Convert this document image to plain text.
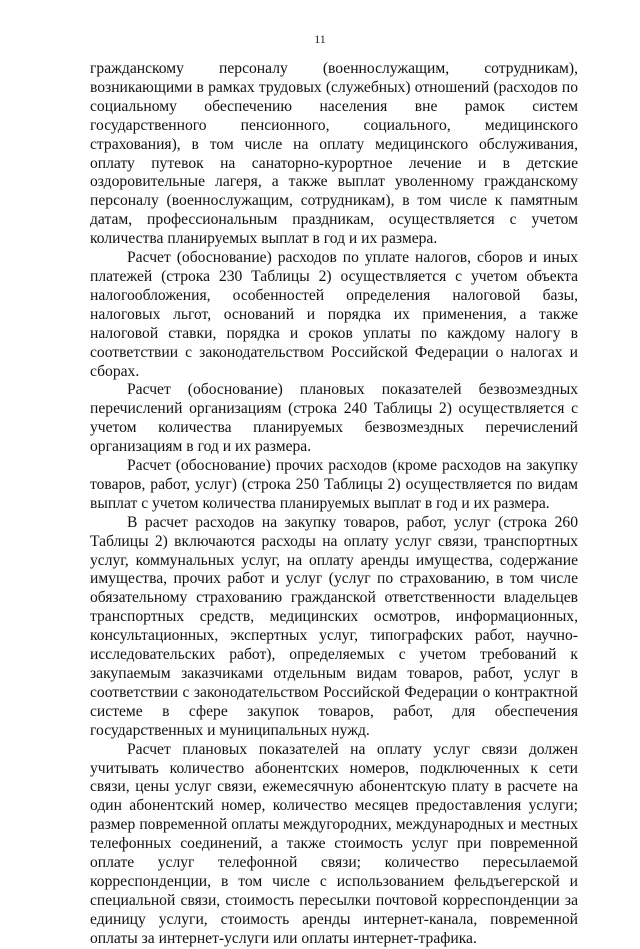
11

гражданскому персоналу (военнослужащим, сотрудникам), возникающими в рамках трудовых (служебных) отношений (расходов по социальному обеспечению населения вне рамок систем государственного пенсионного, социального, медицинского страхования), в том числе на оплату медицинского обслуживания, оплату путевок на санаторно-курортное лечение и в детские оздоровительные лагеря, а также выплат уволенному гражданскому персоналу (военнослужащим, сотрудникам), в том числе к памятным датам, профессиональным праздникам, осуществляется с учетом количества планируемых выплат в год и их размера.

Расчет (обоснование) расходов по уплате налогов, сборов и иных платежей (строка 230 Таблицы 2) осуществляется с учетом объекта налогообложения, особенностей определения налоговой базы, налоговых льгот, оснований и порядка их применения, а также налоговой ставки, порядка и сроков уплаты по каждому налогу в соответствии с законодательством Российской Федерации о налогах и сборах.

Расчет (обоснование) плановых показателей безвозмездных перечислений организациям (строка 240 Таблицы 2) осуществляется с учетом количества планируемых безвозмездных перечислений организациям в год и их размера.

Расчет (обоснование) прочих расходов (кроме расходов на закупку товаров, работ, услуг) (строка 250 Таблицы 2) осуществляется по видам выплат с учетом количества планируемых выплат в год и их размера.

В расчет расходов на закупку товаров, работ, услуг (строка 260 Таблицы 2) включаются расходы на оплату услуг связи, транспортных услуг, коммунальных услуг, на оплату аренды имущества, содержание имущества, прочих работ и услуг (услуг по страхованию, в том числе обязательному страхованию гражданской ответственности владельцев транспортных средств, медицинских осмотров, информационных, консультационных, экспертных услуг, типографских работ, научно-исследовательских работ), определяемых с учетом требований к закупаемым заказчиками отдельным видам товаров, работ, услуг в соответствии с законодательством Российской Федерации о контрактной системе в сфере закупок товаров, работ, для обеспечения государственных и муниципальных нужд.

Расчет плановых показателей на оплату услуг связи должен учитывать количество абонентских номеров, подключенных к сети связи, цены услуг связи, ежемесячную абонентскую плату в расчете на один абонентский номер, количество месяцев предоставления услуги; размер повременной оплаты междугородних, международных и местных телефонных соединений, а также стоимость услуг при повременной оплате услуг телефонной связи; количество пересылаемой корреспонденции, в том числе с использованием фельдъегерской и специальной связи, стоимость пересылки почтовой корреспонденции за единицу услуги, стоимость аренды интернет-канала, повременной оплаты за интернет-услуги или оплаты интернет-трафика.
